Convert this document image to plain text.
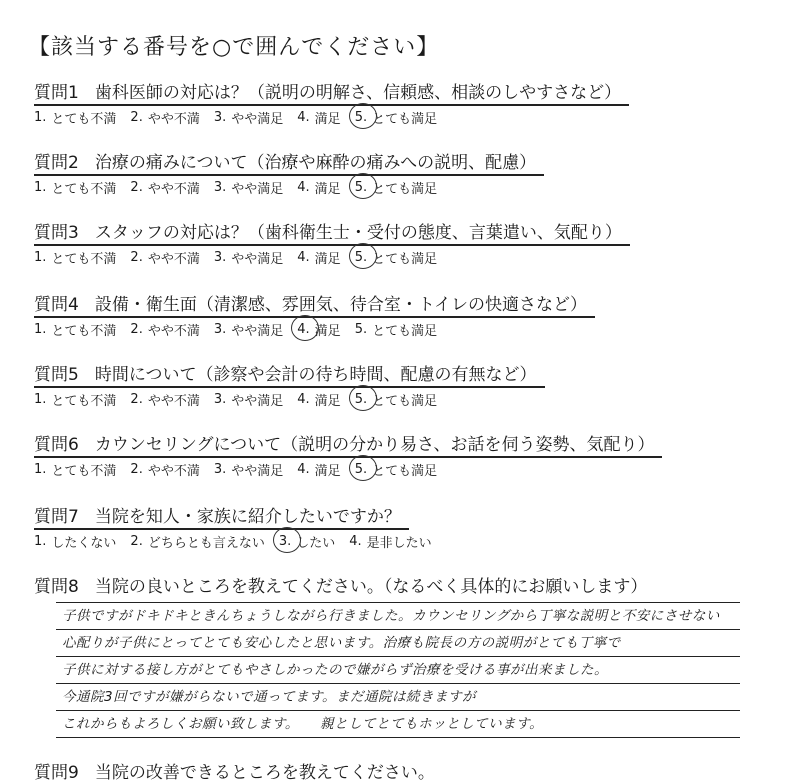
【該当する番号を○で囲んでください】
質問1 歯科医師の対応は？（説明の明解さ、信頼感、相談のしやすさなど）
1. とても不満 2. やや不満 3. やや満足 4. 満足 5. とても満足
質問2 治療の痛みについて（治療や麻酔の痛みへの説明、配慮）
1. とても不満 2. やや不満 3. やや満足 4. 満足 5. とても満足
質問3 スタッフの対応は？（歯科衛生士・受付の態度、言葉遣い、気配り）
1. とても不満 2. やや不満 3. やや満足 4. 満足 5. とても満足
質問4 設備・衛生面（清潔感、雰囲気、待合室・トイレの快適さなど）
1. とても不満 2. やや不満 3. やや満足 4. 満足 5. とても満足
質問5 時間について（診察や会計の待ち時間、配慮の有無など）
1. とても不満 2. やや不満 3. やや満足 4. 満足 5. とても満足
質問6 カウンセリングについて（説明の分かり易さ、お話を伺う姿勢、気配り）
1. とても不満 2. やや不満 3. やや満足 4. 満足 5. とても満足
質問7 当院を知人・家族に紹介したいですか？
1. したくない 2. どちらとも言えない 3. したい 4. 是非したい
質問8 当院の良いところを教えてください。（なるべく具体的にお願いします）
子供ですがドキドキときんちょうしながら行きました。カウンセリングから丁寧な説明と不安にさせない
心配りが子供にとってとても安心したと思います。治療も院長の方の説明がとても丁寧で
子供に対する接し方がとてもやさしかったので嫌がらず治療を受ける事が出来ました。
今通院3回ですが嫌がらないで通ってます。まだ通院は続きますが
これからもよろしくお願い致します。　　親としてとてもホッとしています。
質問9 当院の改善できるところを教えてください。
